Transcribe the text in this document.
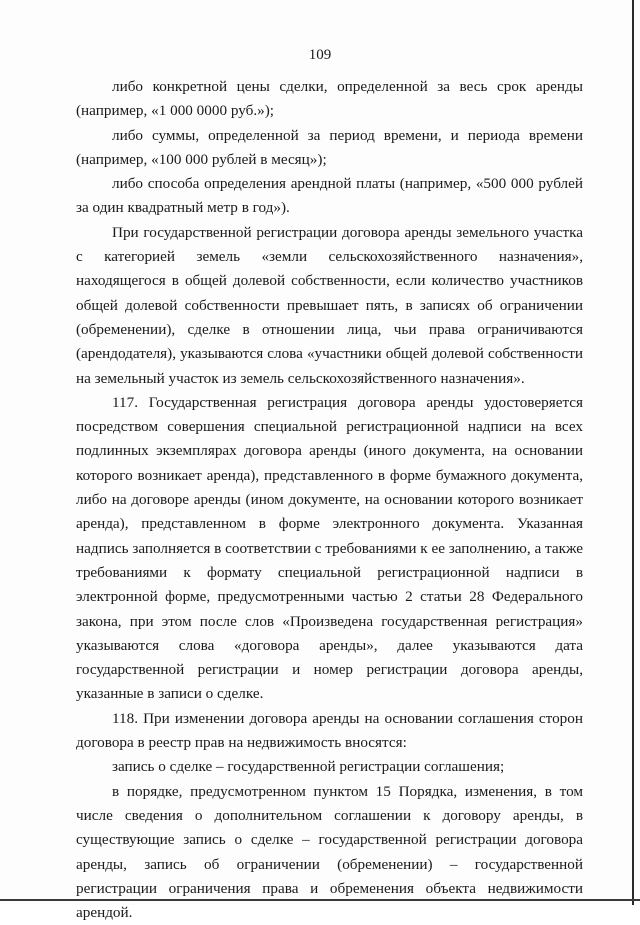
109

либо конкретной цены сделки, определенной за весь срок аренды (например, «1 000 0000 руб.»);

либо суммы, определенной за период времени, и периода времени (например, «100 000 рублей в месяц»);

либо способа определения арендной платы (например, «500 000 рублей за один квадратный метр в год»).

При государственной регистрации договора аренды земельного участка с категорией земель «земли сельскохозяйственного назначения», находящегося в общей долевой собственности, если количество участников общей долевой собственности превышает пять, в записях об ограничении (обременении), сделке в отношении лица, чьи права ограничиваются (арендодателя), указываются слова «участники общей долевой собственности на земельный участок из земель сельскохозяйственного назначения».

117. Государственная регистрация договора аренды удостоверяется посредством совершения специальной регистрационной надписи на всех подлинных экземплярах договора аренды (иного документа, на основании которого возникает аренда), представленного в форме бумажного документа, либо на договоре аренды (ином документе, на основании которого возникает аренда), представленном в форме электронного документа. Указанная надпись заполняется в соответствии с требованиями к ее заполнению, а также требованиями к формату специальной регистрационной надписи в электронной форме, предусмотренными частью 2 статьи 28 Федерального закона, при этом после слов «Произведена государственная регистрация» указываются слова «договора аренды», далее указываются дата государственной регистрации и номер регистрации договора аренды, указанные в записи о сделке.

118. При изменении договора аренды на основании соглашения сторон договора в реестр прав на недвижимость вносятся:

запись о сделке – государственной регистрации соглашения;

в порядке, предусмотренном пунктом 15 Порядка, изменения, в том числе сведения о дополнительном соглашении к договору аренды, в существующие запись о сделке – государственной регистрации договора аренды, запись об ограничении (обременении) – государственной регистрации ограничения права и обременения объекта недвижимости арендой.
